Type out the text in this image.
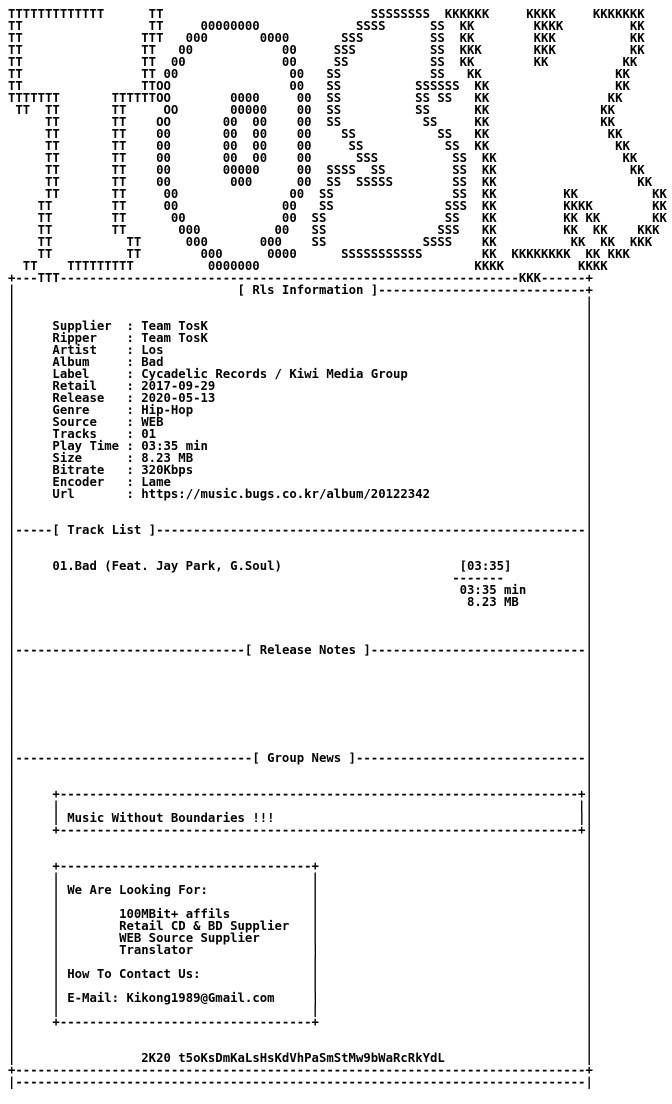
TTTTTTTTTTTTT      TT                            SSSSSSSS  KKKKKK     KKKK     KKKKKKK
TT                 TT     00000000             SSSS      SS  KK        KKKK         KK
TT                TTT   000       0000       SSS         SS  KK        KKK          KK
TT                TT   00            00     SSS          SS  KKK       KKK          KK
TT                TT  00             00     SS           SS  KK        KK          KK
TT                TT 00               00   SS            SS   KK                  KK
TT                TTOO                00   SS          SSSSSS  KK                 KK
TTTTTTT       TTTTTTOO        0000     00  SS          SS SS   KK                KK
TT  TT       TT     OO       00000    00  SS          SS      KK               KK
TT       TT    OO       00  00    00  SS           SS     KK               KK
TT       TT    00       00  00    00    SS           SS   KK                KK
TT       TT    00       00  00    00     SS           SS  KK                 KK
TT       TT    00       00  00    00      SSS          SS  KK                 KK
TT       TT    00       00000     00  SSSS  SS         SS  KK                  KK
TT       TT    00        000      00  SS  SSSSS        SS  KK                   KK
TT       TT     00               00  SS                SS  KK         KK          KK
TT        TT     00              00   SS               SSS  KK         KKKK        KK
TT        TT      00             00  SS                SS   KK         KK KK       KK
TT        TT       000          00   SS               SSS   KK         KK  KK    KKK
TT          TT      000       000    SS             SSSS    KK          KK  KK  KKK
TT          TT        000      0000      SSSSSSSSSSS        KK  KKKKKKKK  KK KKK
TT    TTTTTTTTT          0000000                             KKKK          KKKK
+---TTT--------------------------------------------------------------KKK------+
|                              [ Rls Information ]----------------------------+
|                                                                             |
|                                                                             |
|     Supplier  : Team TosK                                                   |
|     Ripper    : Team TosK                                                   |
|     Artist    : Los                                                         |
|     Album     : Bad                                                         |
|     Label     : Cycadelic Records / Kiwi Media Group                        |
|     Retail    : 2017-09-29                                                  |
|     Release   : 2020-05-13                                                  |
|     Genre     : Hip-Hop                                                     |
|     Source    : WEB                                                         |
|     Tracks    : 01                                                          |
|     Play Time : 03:35 min                                                   |
|     Size      : 8.23 MB                                                     |
|     Bitrate   : 320Kbps                                                     |
|     Encoder   : Lame                                                        |
|     Url       : https://music.bugs.co.kr/album/20122342                     |
|                                                                             |
|                                                                             |
|-----[ Track List ]----------------------------------------------------------|
|                                                                             |
|                                                                             |
|     01.Bad (Feat. Jay Park, G.Soul)	[03:35]          |
|                                                           -------           |
|                                                            03:35 min        |
|                                                             8.23 MB         |
|                                                                             |
|                                                                             |
|                                                                             |
|-------------------------------[ Release Notes ]-----------------------------|
|                                                                             |
|                                                                             |
|                                                                             |
|                                                                             |
|                                                                             |
|                                                                             |
|                                                                             |
|                                                                             |
|--------------------------------[ Group News ]-------------------------------|
|                                                                             |
|                                                                             |
|     +----------------------------------------------------------------------+|
|     |                                                                      ||
|     | Music Without Boundaries !!!                                         ||
|     +----------------------------------------------------------------------+|
|                                                                             |
|                                                                             |
|     +----------------------------------+                                    |
|     |                                  |                                    |
|     | We Are Looking For:              |                                    |
|     |                                  |                                    |
|     |        100MBit+ affils           |                                    |
|     |        Retail CD & BD Supplier   |                                    |
|     |        WEB Source Supplier       |                                    |
|     |        Translator                |                                    |
|     |                                  |                                    |
|     | How To Contact Us:               |                                    |
|     |                                  |                                    |
|     | E-Mail: Kikong1989@Gmail.com     |                                    |
|     |                                  |                                    |
|     +----------------------------------+                                    |
|                                                                             |
|                                                                             |
|                 2K20 t5oKsDmKaLsHsKdVhPaSmStMw9bWaRcRkYdL                   |
+-----------------------------------------------------------------------------+
|-----------------------------------------------------------------------------|
